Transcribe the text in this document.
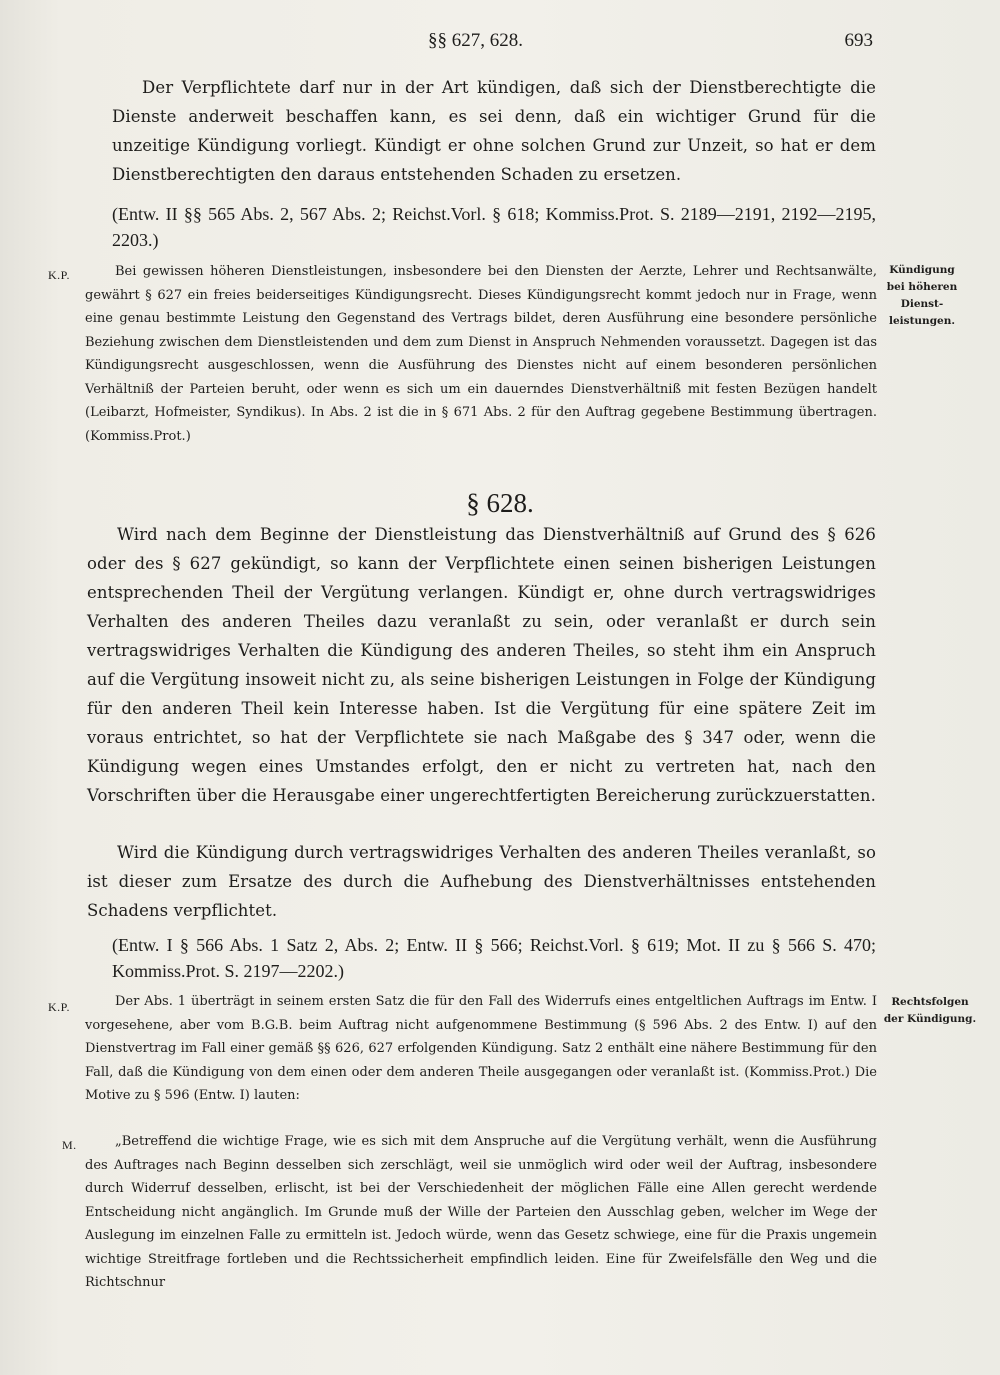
§§ 627, 628.	693
Der Verpflichtete darf nur in der Art kündigen, daß sich der Dienstberechtigte die Dienste anderweit beschaffen kann, es sei denn, daß ein wichtiger Grund für die unzeitige Kündigung vorliegt. Kündigt er ohne solchen Grund zur Unzeit, so hat er dem Dienstberechtigten den daraus entstehenden Schaden zu ersetzen.
(Entw. II §§ 565 Abs. 2, 567 Abs. 2; Reichst.Vorl. § 618; Kommiss.Prot. S. 2189—2191, 2192—2195, 2203.)
K.P.	Bei gewissen höheren Dienstleistungen, insbesondere bei den Diensten der Aerzte, Lehrer und Rechtsanwälte, gewährt § 627 ein freies beiderseitiges Kündigungsrecht. Dieses Kündigungsrecht kommt jedoch nur in Frage, wenn eine genau bestimmte Leistung den Gegenstand des Vertrags bildet, deren Ausführung eine besondere persönliche Beziehung zwischen dem Dienstleistenden und dem zum Dienst in Anspruch Nehmenden voraussetzt. Dagegen ist das Kündigungsrecht ausgeschlossen, wenn die Ausführung des Dienstes nicht auf einem besonderen persönlichen Verhältniß der Parteien beruht, oder wenn es sich um ein dauerndes Dienstverhältniß mit festen Bezügen handelt (Leibarzt, Hofmeister, Syndikus). In Abs. 2 ist die in § 671 Abs. 2 für den Auftrag gegebene Bestimmung übertragen. (Kommiss.Prot.)
Kündigung
bei höheren
Dienst-
leistungen.
§ 628.
Wird nach dem Beginne der Dienstleistung das Dienstverhältniß auf Grund des § 626 oder des § 627 gekündigt, so kann der Verpflichtete einen seinen bisherigen Leistungen entsprechenden Theil der Vergütung verlangen. Kündigt er, ohne durch vertragswidriges Verhalten des anderen Theiles dazu veranlaßt zu sein, oder veranlaßt er durch sein vertragswidriges Verhalten die Kündigung des anderen Theiles, so steht ihm ein Anspruch auf die Vergütung insoweit nicht zu, als seine bisherigen Leistungen in Folge der Kündigung für den anderen Theil kein Interesse haben. Ist die Vergütung für eine spätere Zeit im voraus entrichtet, so hat der Verpflichtete sie nach Maßgabe des § 347 oder, wenn die Kündigung wegen eines Umstandes erfolgt, den er nicht zu vertreten hat, nach den Vorschriften über die Herausgabe einer ungerechtfertigten Bereicherung zurückzuerstatten.
Wird die Kündigung durch vertragswidriges Verhalten des anderen Theiles veranlaßt, so ist dieser zum Ersatze des durch die Aufhebung des Dienstverhältnisses entstehenden Schadens verpflichtet.
(Entw. I § 566 Abs. 1 Satz 2, Abs. 2; Entw. II § 566; Reichst.Vorl. § 619; Mot. II zu § 566 S. 470; Kommiss.Prot. S. 2197—2202.)
K.P.	Der Abs. 1 überträgt in seinem ersten Satz die für den Fall des Widerrufs eines entgeltlichen Auftrags im Entw. I vorgesehene, aber vom B.G.B. beim Auftrag nicht aufgenommene Bestimmung (§ 596 Abs. 2 des Entw. I) auf den Dienstvertrag im Fall einer gemäß §§ 626, 627 erfolgenden Kündigung. Satz 2 enthält eine nähere Bestimmung für den Fall, daß die Kündigung von dem einen oder dem anderen Theile ausgegangen oder veranlaßt ist. (Kommiss.Prot.) Die Motive zu § 596 (Entw. I) lauten:
Rechtsfolgen
der Kündigung.
M.	„Betreffend die wichtige Frage, wie es sich mit dem Anspruche auf die Vergütung verhält, wenn die Ausführung des Auftrages nach Beginn desselben sich zerschlägt, weil sie unmöglich wird oder weil der Auftrag, insbesondere durch Widerruf desselben, erlischt, ist bei der Verschiedenheit der möglichen Fälle eine Allen gerecht werdende Entscheidung nicht angänglich. Im Grunde muß der Wille der Parteien den Ausschlag geben, welcher im Wege der Auslegung im einzelnen Falle zu ermitteln ist. Jedoch würde, wenn das Gesetz schwiege, eine für die Praxis ungemein wichtige Streitfrage fortleben und die Rechtssicherheit empfindlich leiden. Eine für Zweifelsfälle den Weg und die Richtschnur
